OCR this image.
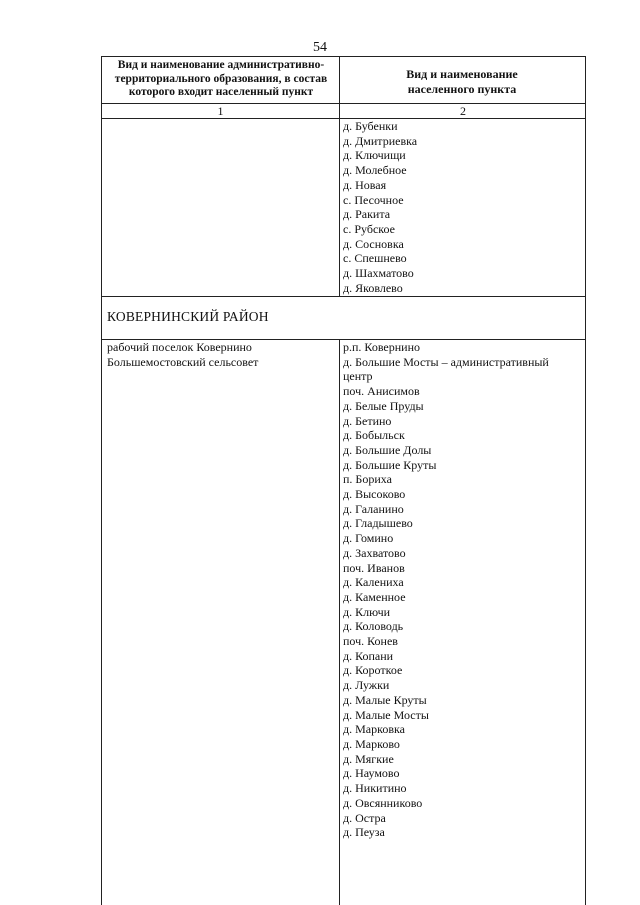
54
Вид и наименование административно-территориального образования, в состав которого входит населенный пункт
Вид и наименование населенного пункта
1	2
д. Бубенки
д. Дмитриевка
д. Ключищи
д. Молебное
д. Новая
с. Песочное
д. Ракита
с. Рубское
д. Сосновка
с. Спешнево
д. Шахматово
д. Яковлево
КОВЕРНИНСКИЙ РАЙОН
рабочий поселок Ковернино
Большемостовский сельсовет
р.п. Ковернино
д. Большие Мосты – административный
центр
поч. Анисимов
д. Белые Пруды
д. Бетино
д. Бобыльск
д. Большие Долы
д. Большие Круты
п. Бориха
д. Высоково
д. Галанино
д. Гладышево
д. Гомино
д. Захватово
поч. Иванов
д. Калениха
д. Каменное
д. Ключи
д. Коловодь
поч. Конев
д. Копани
д. Короткое
д. Лужки
д. Малые Круты
д. Малые Мосты
д. Марковка
д. Марково
д. Мягкие
д. Наумово
д. Никитино
д. Овсянниково
д. Остра
д. Пеуза
